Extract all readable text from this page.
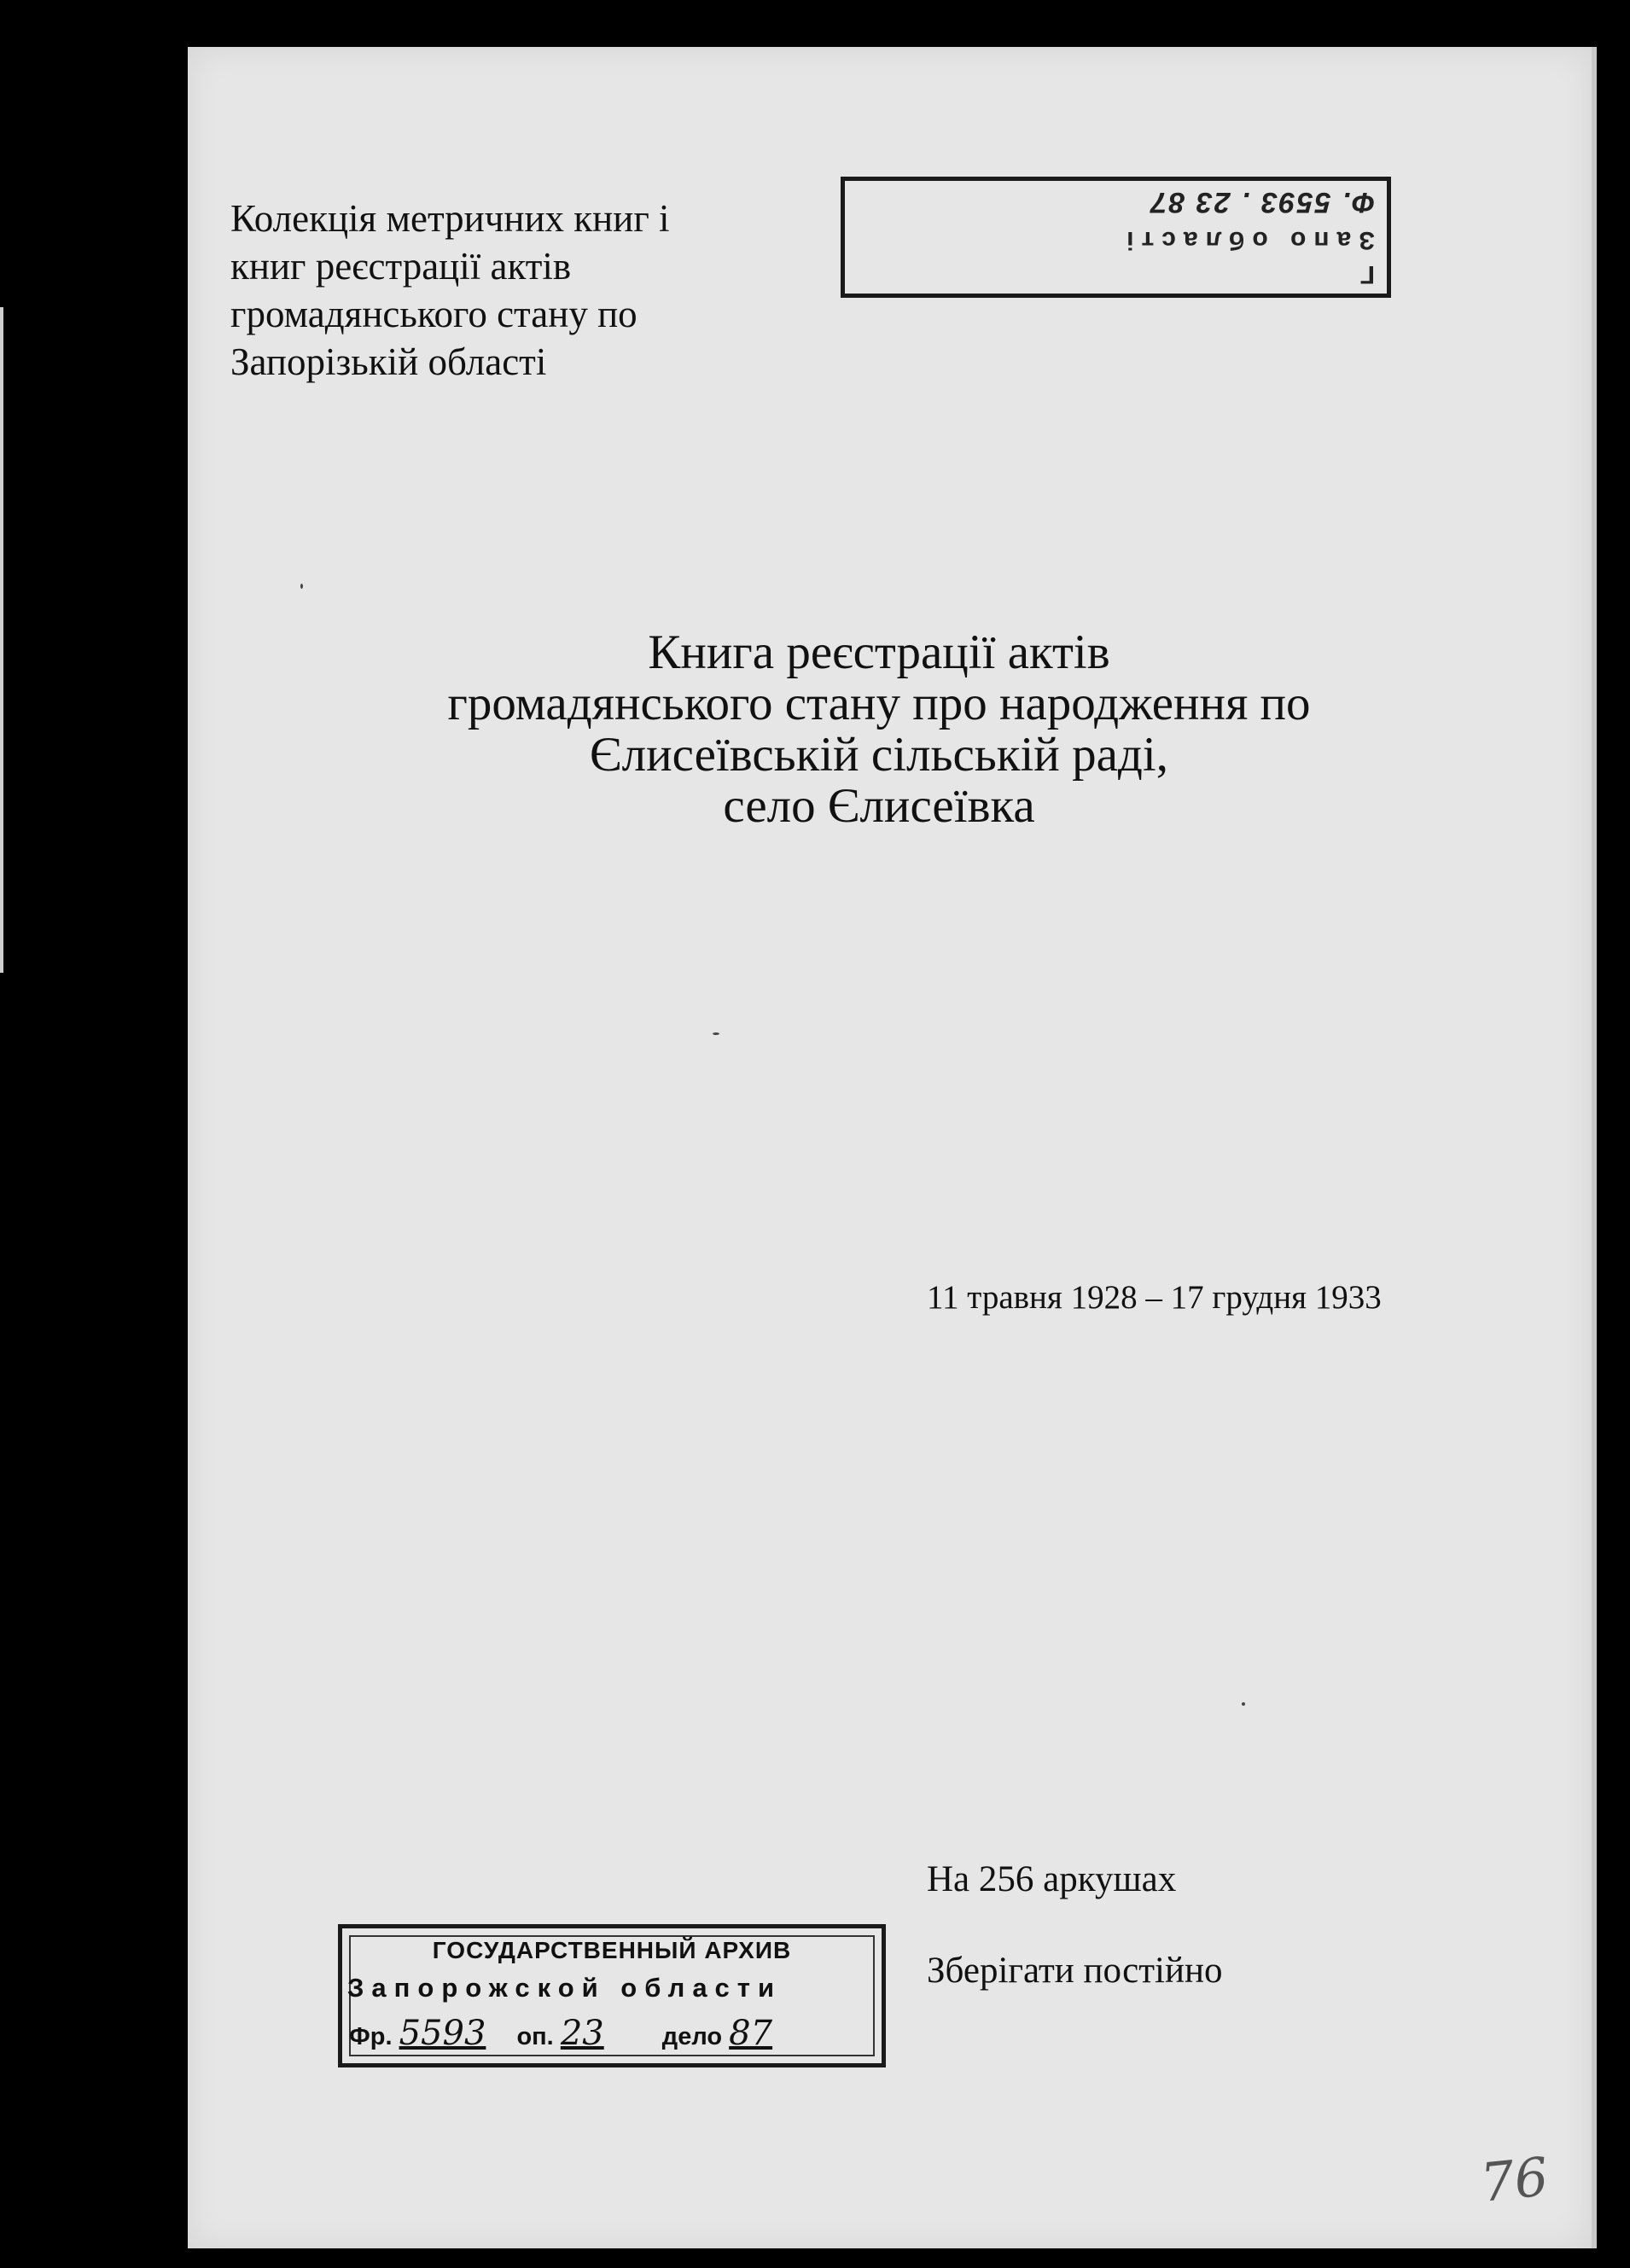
Колекція метричних книг і
книг реєстрації актів
громадянського стану по
Запорізькій області
Г
Запо області
Ф. 5593 . 23 87
Книга реєстрації актів
громадянського стану про народження по
Єлисеївській сільській раді,
село Єлисеївка
11 травня 1928 – 17 грудня 1933
На 256 аркушах
Зберігати постійно
ГОСУДАРСТВЕННЫЙ АРХИВ
Запорожской области
Фр. 5593 оп. 23 дело 87
76
